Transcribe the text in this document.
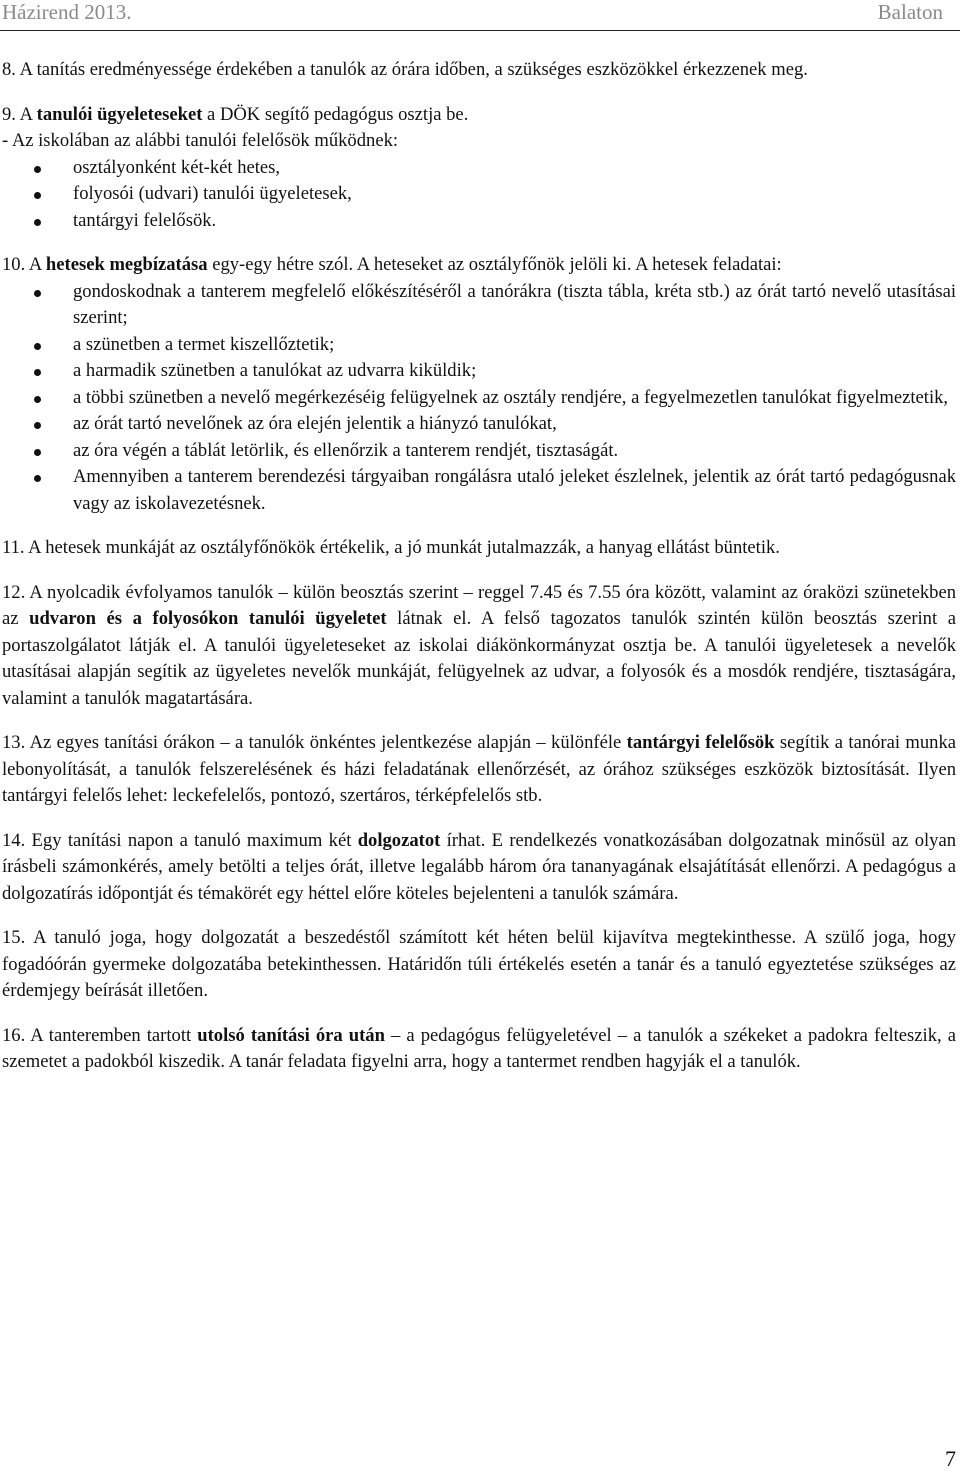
Házirend 2013.	Balaton

8. A tanítás eredményessége érdekében a tanulók az órára időben, a szükséges eszközökkel érkezzenek meg.

9. A tanulói ügyeleteseket a DÖK segítő pedagógus osztja be.

- Az iskolában az alábbi tanulói felelősök működnek:

osztályonként két-két hetes,
folyosói (udvari) tanulói ügyeletesek,
tantárgyi felelősök.

10. A hetesek megbízatása egy-egy hétre szól. A heteseket az osztályfőnök jelöli ki. A hetesek feladatai:

gondoskodnak a tanterem megfelelő előkészítéséről a tanórákra (tiszta tábla, kréta stb.) az órát tartó nevelő utasításai szerint;
a szünetben a termet kiszellőztetik;
a harmadik szünetben a tanulókat az udvarra kiküldik;
a többi szünetben a nevelő megérkezéséig felügyelnek az osztály rendjére, a fegyelmezetlen tanulókat figyelmeztetik,
az órát tartó nevelőnek az óra elején jelentik a hiányzó tanulókat,
az óra végén a táblát letörlik, és ellenőrzik a tanterem rendjét, tisztaságát.
Amennyiben a tanterem berendezési tárgyaiban rongálásra utaló jeleket észlelnek, jelentik az órát tartó pedagógusnak vagy az iskolavezetésnek.

11. A hetesek munkáját az osztályfőnökök értékelik, a jó munkát jutalmazzák, a hanyag ellátást büntetik.

12. A nyolcadik évfolyamos tanulók – külön beosztás szerint – reggel 7.45 és 7.55 óra között, valamint az óraközi szünetekben az udvaron és a folyosókon tanulói ügyeletet látnak el. A felső tagozatos tanulók szintén külön beosztás szerint a portaszolgálatot látják el. A tanulói ügyeleteseket az iskolai diákönkormányzat osztja be. A tanulói ügyeletesek a nevelők utasításai alapján segítik az ügyeletes nevelők munkáját, felügyelnek az udvar, a folyosók és a mosdók rendjére, tisztaságára, valamint a tanulók magatartására.

13. Az egyes tanítási órákon – a tanulók önkéntes jelentkezése alapján – különféle tantárgyi felelősök segítik a tanórai munka lebonyolítását, a tanulók felszerelésének és házi feladatának ellenőrzését, az órához szükséges eszközök biztosítását. Ilyen tantárgyi felelős lehet: leckefelelős, pontozó, szertáros, térképfelelős stb.

14. Egy tanítási napon a tanuló maximum két dolgozatot írhat. E rendelkezés vonatkozásában dolgozatnak minősül az olyan írásbeli számonkérés, amely betölti a teljes órát, illetve legalább három óra tananyagának elsajátítását ellenőrzi. A pedagógus a dolgozatírás időpontját és témakörét egy héttel előre köteles bejelenteni a tanulók számára.

15. A tanuló joga, hogy dolgozatát a beszedéstől számított két héten belül kijavítva megtekinthesse. A szülő joga, hogy fogadóórán gyermeke dolgozatába betekinthessen. Határidőn túli értékelés esetén a tanár és a tanuló egyeztetése szükséges az érdemjegy beírását illetően.

16. A tanteremben tartott utolsó tanítási óra után – a pedagógus felügyeletével – a tanulók a székeket a padokra felteszik, a szemetet a padokból kiszedik. A tanár feladata figyelni arra, hogy a tantermet rendben hagyják el a tanulók.

7
